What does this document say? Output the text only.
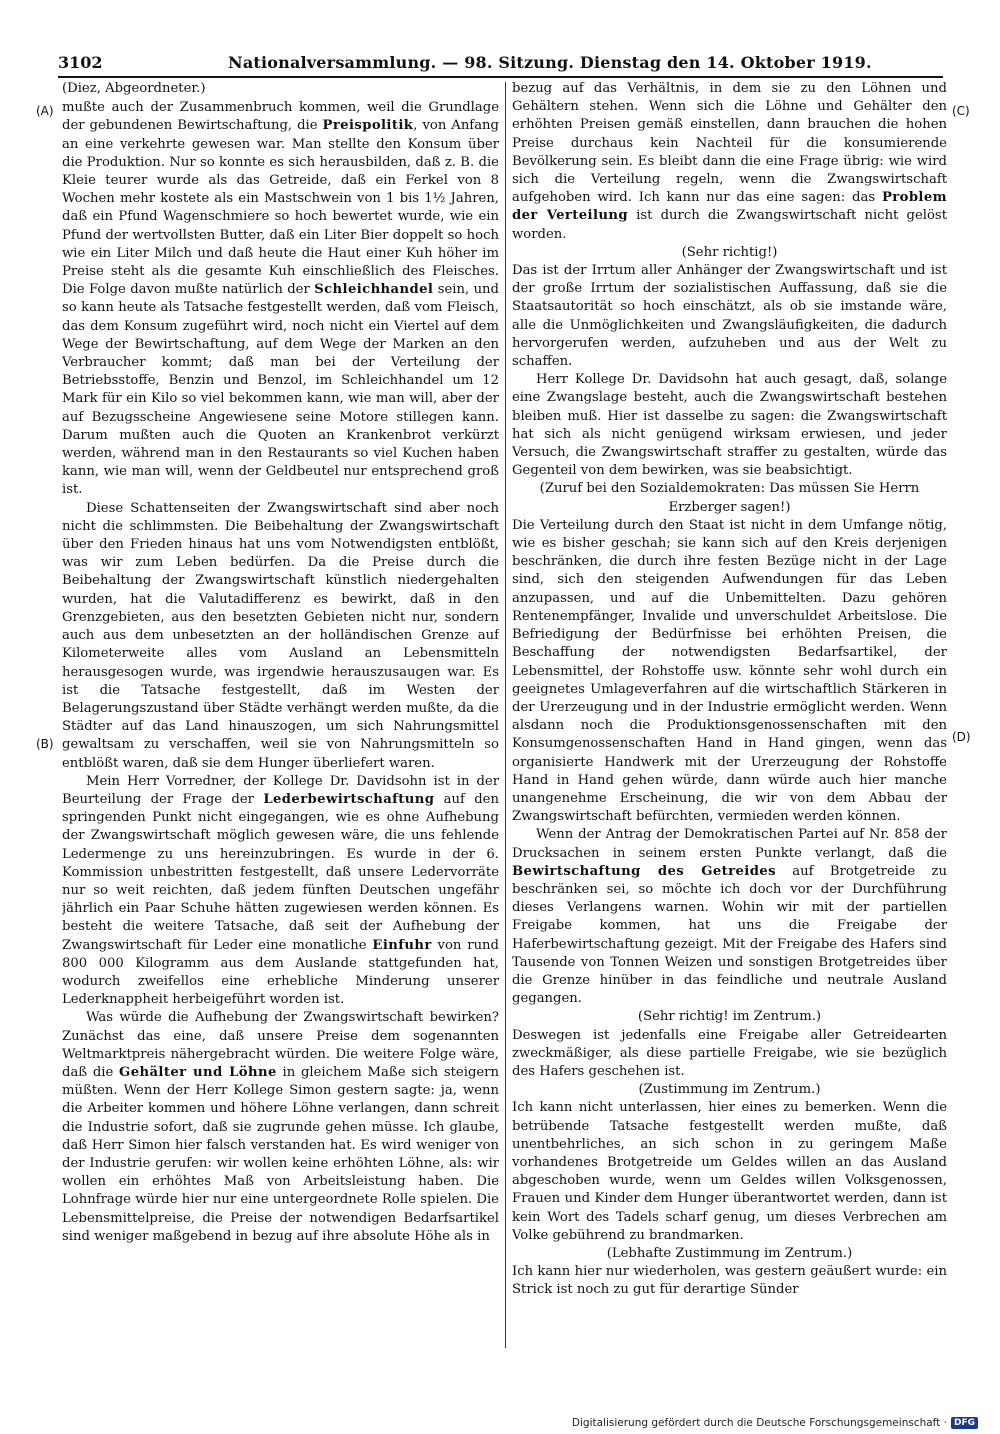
3102	Nationalversammlung. — 98. Sitzung. Dienstag den 14. Oktober 1919.
(A)
(B)
(C)
(D)
(Diez, Abgeordneter.)

mußte auch der Zusammenbruch kommen, weil die Grundlage der gebundenen Bewirtschaftung, die Preispolitik, von Anfang an eine verkehrte gewesen war. Man stellte den Konsum über die Produktion. Nur so konnte es sich herausbilden, daß z. B. die Kleie teurer wurde als das Getreide, daß ein Ferkel von 8 Wochen mehr kostete als ein Mastschwein von 1 bis 1½ Jahren, daß ein Pfund Wagenschmiere so hoch bewertet wurde, wie ein Pfund der wertvollsten Butter, daß ein Liter Bier doppelt so hoch wie ein Liter Milch und daß heute die Haut einer Kuh höher im Preise steht als die gesamte Kuh einschließlich des Fleisches. Die Folge davon mußte natürlich der Schleichhandel sein, und so kann heute als Tatsache festgestellt werden, daß vom Fleisch, das dem Konsum zugeführt wird, noch nicht ein Viertel auf dem Wege der Bewirtschaftung, auf dem Wege der Marken an den Verbraucher kommt; daß man bei der Verteilung der Betriebsstoffe, Benzin und Benzol, im Schleichhandel um 12 Mark für ein Kilo so viel bekommen kann, wie man will, aber der auf Bezugsscheine Angewiesene seine Motore stillegen kann. Darum mußten auch die Quoten an Krankenbrot verkürzt werden, während man in den Restaurants so viel Kuchen haben kann, wie man will, wenn der Geldbeutel nur entsprechend groß ist.

Diese Schattenseiten der Zwangswirtschaft sind aber noch nicht die schlimmsten. Die Beibehaltung der Zwangswirtschaft über den Frieden hinaus hat uns vom Notwendigsten entblößt, was wir zum Leben bedürfen. Da die Preise durch die Beibehaltung der Zwangswirtschaft künstlich niedergehalten wurden, hat die Valutadifferenz es bewirkt, daß in den Grenzgebieten, aus den besetzten Gebieten nicht nur, sondern auch aus dem unbesetzten an der holländischen Grenze auf Kilometerweite alles vom Ausland an Lebensmitteln herausgesogen wurde, was irgendwie herauszusaugen war. Es ist die Tatsache festgestellt, daß im Westen der Belagerungszustand über Städte verhängt werden mußte, da die Städter auf das Land hinauszogen, um sich Nahrungsmittel gewaltsam zu verschaffen, weil sie von Nahrungsmitteln so entblößt waren, daß sie dem Hunger überliefert waren.

Mein Herr Vorredner, der Kollege Dr. Davidsohn ist in der Beurteilung der Frage der Lederbewirtschaftung auf den springenden Punkt nicht eingegangen, wie es ohne Aufhebung der Zwangswirtschaft möglich gewesen wäre, die uns fehlende Ledermenge zu uns hereinzubringen. Es wurde in der 6. Kommission unbestritten festgestellt, daß unsere Ledervorräte nur so weit reichten, daß jedem fünften Deutschen ungefähr jährlich ein Paar Schuhe hätten zugewiesen werden können. Es besteht die weitere Tatsache, daß seit der Aufhebung der Zwangswirtschaft für Leder eine monatliche Einfuhr von rund 800 000 Kilogramm aus dem Auslande stattgefunden hat, wodurch zweifellos eine erhebliche Minderung unserer Lederknappheit herbeigeführt worden ist.

Was würde die Aufhebung der Zwangswirtschaft bewirken? Zunächst das eine, daß unsere Preise dem sogenannten Weltmarktpreis nähergebracht würden. Die weitere Folge wäre, daß die Gehälter und Löhne in gleichem Maße sich steigern müßten. Wenn der Herr Kollege Simon gestern sagte: ja, wenn die Arbeiter kommen und höhere Löhne verlangen, dann schreit die Industrie sofort, daß sie zugrunde gehen müsse. Ich glaube, daß Herr Simon hier falsch verstanden hat. Es wird weniger von der Industrie gerufen: wir wollen keine erhöhten Löhne, als: wir wollen ein erhöhtes Maß von Arbeitsleistung haben. Die Lohnfrage würde hier nur eine untergeordnete Rolle spielen. Die Lebensmittelpreise, die Preise der notwendigen Bedarfsartikel sind weniger maßgebend in bezug auf ihre absolute Höhe als in

bezug auf das Verhältnis, in dem sie zu den Löhnen und Gehältern stehen. Wenn sich die Löhne und Gehälter den erhöhten Preisen gemäß einstellen, dann brauchen die hohen Preise durchaus kein Nachteil für die konsumierende Bevölkerung sein. Es bleibt dann die eine Frage übrig: wie wird sich die Verteilung regeln, wenn die Zwangswirtschaft aufgehoben wird. Ich kann nur das eine sagen: das Problem der Verteilung ist durch die Zwangswirtschaft nicht gelöst worden.

(Sehr richtig!)

Das ist der Irrtum aller Anhänger der Zwangswirtschaft und ist der große Irrtum der sozialistischen Auffassung, daß sie die Staatsautorität so hoch einschätzt, als ob sie imstande wäre, alle die Unmöglichkeiten und Zwangsläufigkeiten, die dadurch hervorgerufen werden, aufzuheben und aus der Welt zu schaffen.

Herr Kollege Dr. Davidsohn hat auch gesagt, daß, solange eine Zwangslage besteht, auch die Zwangswirtschaft bestehen bleiben muß. Hier ist dasselbe zu sagen: die Zwangswirtschaft hat sich als nicht genügend wirksam erwiesen, und jeder Versuch, die Zwangswirtschaft straffer zu gestalten, würde das Gegenteil von dem bewirken, was sie beabsichtigt.

(Zuruf bei den Sozialdemokraten: Das müssen Sie Herrn Erzberger sagen!)

Die Verteilung durch den Staat ist nicht in dem Umfange nötig, wie es bisher geschah; sie kann sich auf den Kreis derjenigen beschränken, die durch ihre festen Bezüge nicht in der Lage sind, sich den steigenden Aufwendungen für das Leben anzupassen, und auf die Unbemittelten. Dazu gehören Rentenempfänger, Invalide und unverschuldet Arbeitslose. Die Befriedigung der Bedürfnisse bei erhöhten Preisen, die Beschaffung der notwendigsten Bedarfsartikel, der Lebensmittel, der Rohstoffe usw. könnte sehr wohl durch ein geeignetes Umlageverfahren auf die wirtschaftlich Stärkeren in der Urerzeugung und in der Industrie ermöglicht werden. Wenn alsdann noch die Produktionsgenossenschaften mit den Konsumgenossenschaften Hand in Hand gingen, wenn das organisierte Handwerk mit der Urerzeugung der Rohstoffe Hand in Hand gehen würde, dann würde auch hier manche unangenehme Erscheinung, die wir von dem Abbau der Zwangswirtschaft befürchten, vermieden werden können.

Wenn der Antrag der Demokratischen Partei auf Nr. 858 der Drucksachen in seinem ersten Punkte verlangt, daß die Bewirtschaftung des Getreides auf Brotgetreide zu beschränken sei, so möchte ich doch vor der Durchführung dieses Verlangens warnen. Wohin wir mit der partiellen Freigabe kommen, hat uns die Freigabe der Haferbewirtschaftung gezeigt. Mit der Freigabe des Hafers sind Tausende von Tonnen Weizen und sonstigen Brotgetreides über die Grenze hinüber in das feindliche und neutrale Ausland gegangen.

(Sehr richtig! im Zentrum.)

Deswegen ist jedenfalls eine Freigabe aller Getreidearten zweckmäßiger, als diese partielle Freigabe, wie sie bezüglich des Hafers geschehen ist.

(Zustimmung im Zentrum.)

Ich kann nicht unterlassen, hier eines zu bemerken. Wenn die betrübende Tatsache festgestellt werden mußte, daß unentbehrliches, an sich schon in zu geringem Maße vorhandenes Brotgetreide um Geldes willen an das Ausland abgeschoben wurde, wenn um Geldes willen Volksgenossen, Frauen und Kinder dem Hunger überantwortet werden, dann ist kein Wort des Tadels scharf genug, um dieses Verbrechen am Volke gebührend zu brandmarken.

(Lebhafte Zustimmung im Zentrum.)

Ich kann hier nur wiederholen, was gestern geäußert wurde: ein Strick ist noch zu gut für derartige Sünder

Digitalisierung gefördert durch die Deutsche Forschungsgemeinschaft · DFG
